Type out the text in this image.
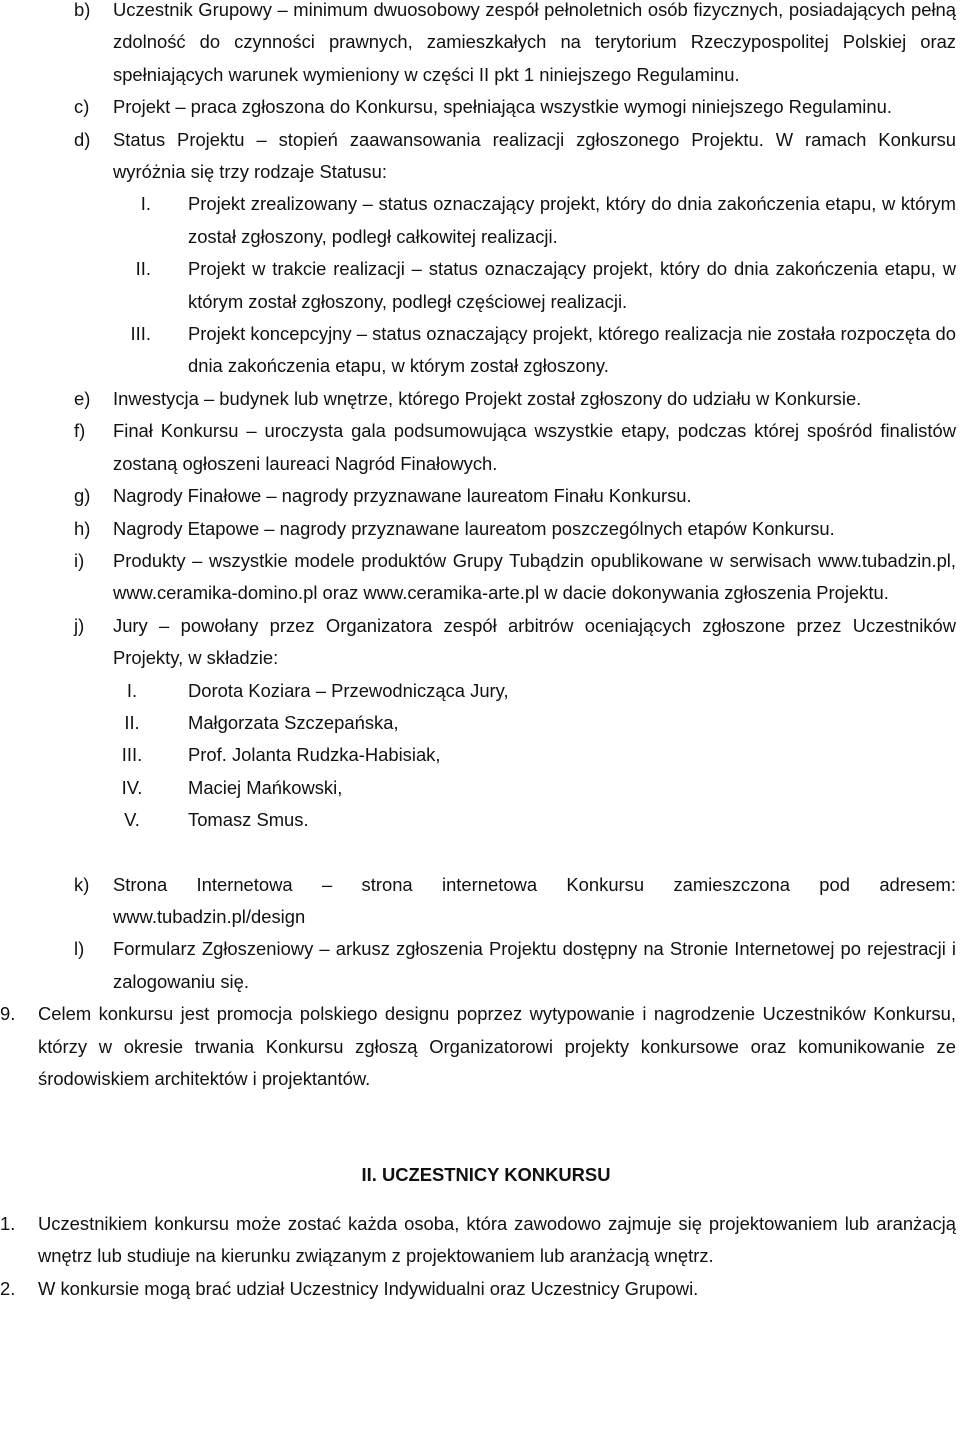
b) Uczestnik Grupowy – minimum dwuosobowy zespół pełnoletnich osób fizycznych, posiadających pełną zdolność do czynności prawnych, zamieszkałych na terytorium Rzeczypospolitej Polskiej oraz spełniających warunek wymieniony w części II pkt 1 niniejszego Regulaminu.
c) Projekt – praca zgłoszona do Konkursu, spełniająca wszystkie wymogi niniejszego Regulaminu.
d) Status Projektu – stopień zaawansowania realizacji zgłoszonego Projektu. W ramach Konkursu wyróżnia się trzy rodzaje Statusu:
I. Projekt zrealizowany – status oznaczający projekt, który do dnia zakończenia etapu, w którym został zgłoszony, podległ całkowitej realizacji.
II. Projekt w trakcie realizacji – status oznaczający projekt, który do dnia zakończenia etapu, w którym został zgłoszony, podległ częściowej realizacji.
III. Projekt koncepcyjny – status oznaczający projekt, którego realizacja nie została rozpoczęta do dnia zakończenia etapu, w którym został zgłoszony.
e) Inwestycja – budynek lub wnętrze, którego Projekt został zgłoszony do udziału w Konkursie.
f) Finał Konkursu – uroczysta gala podsumowująca wszystkie etapy, podczas której spośród finalistów zostaną ogłoszeni laureaci Nagród Finałowych.
g) Nagrody Finałowe – nagrody przyznawane laureatom Finału Konkursu.
h) Nagrody Etapowe – nagrody przyznawane laureatom poszczególnych etapów Konkursu.
i) Produkty – wszystkie modele produktów Grupy Tubądzin opublikowane w serwisach www.tubadzin.pl, www.ceramika-domino.pl oraz www.ceramika-arte.pl w dacie dokonywania zgłoszenia Projektu.
j) Jury – powołany przez Organizatora zespół arbitrów oceniających zgłoszone przez Uczestników Projekty, w składzie:
I.	Dorota Koziara – Przewodnicząca Jury,
II.	Małgorzata Szczepańska,
III.	Prof. Jolanta Rudzka-Habisiak,
IV.	Maciej Mańkowski,
V.	Tomasz Smus.
k) Strona Internetowa – strona internetowa Konkursu zamieszczona pod adresem: www.tubadzin.pl/design
l) Formularz Zgłoszeniowy – arkusz zgłoszenia Projektu dostępny na Stronie Internetowej po rejestracji i zalogowaniu się.
9. Celem konkursu jest promocja polskiego designu poprzez wytypowanie i nagrodzenie Uczestników Konkursu, którzy w okresie trwania Konkursu zgłoszą Organizatorowi projekty konkursowe oraz komunikowanie ze środowiskiem architektów i projektantów.
II. UCZESTNICY KONKURSU
1. Uczestnikiem konkursu może zostać każda osoba, która zawodowo zajmuje się projektowaniem lub aranżacją wnętrz lub studiuje na kierunku związanym z projektowaniem lub aranżacją wnętrz.
2. W konkursie mogą brać udział Uczestnicy Indywidualni oraz Uczestnicy Grupowi.
